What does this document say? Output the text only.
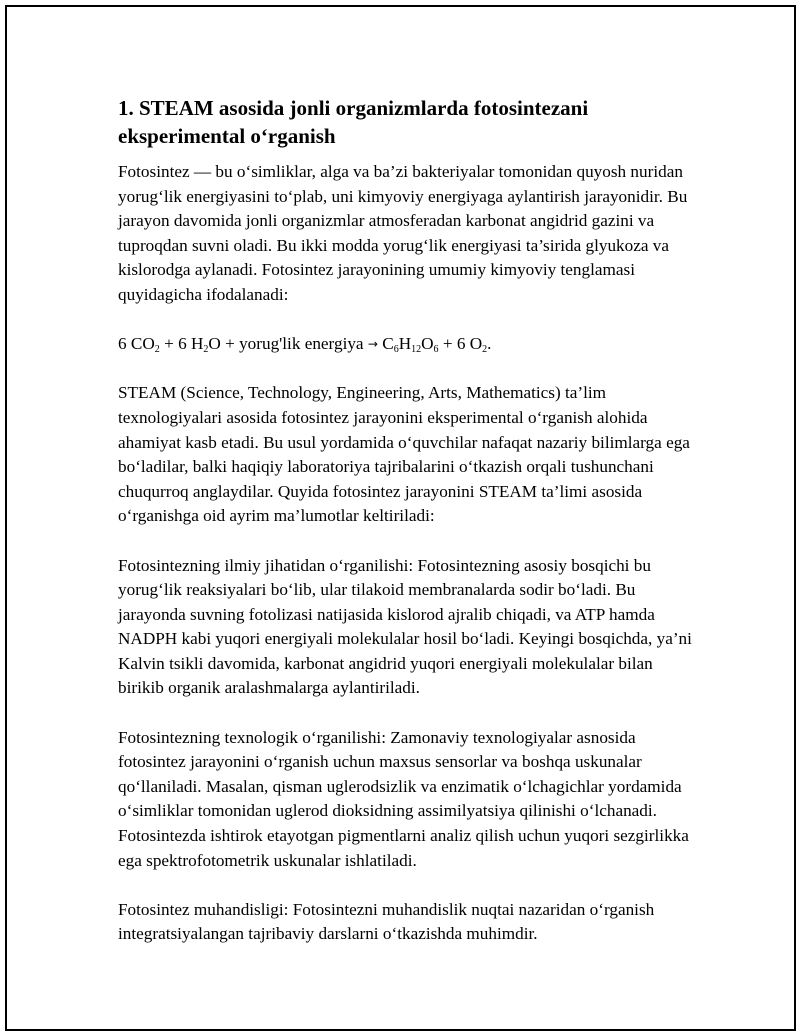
1. STEAM asosida jonli organizmlarda fotosintezani eksperimental o‘rganish

Fotosintez — bu o‘simliklar, alga va ba’zi bakteriyalar tomonidan quyosh nuridan yorug‘lik energiyasini to‘plab, uni kimyoviy energiyaga aylantirish jarayonidir. Bu jarayon davomida jonli organizmlar atmosferadan karbonat angidrid gazini va tuproqdan suvni oladi. Bu ikki modda yorug‘lik energiyasi ta’sirida glyukoza va kislorodga aylanadi. Fotosintez jarayonining umumiy kimyoviy tenglamasi quyidagicha ifodalanadi:

6 $CO_2 + 6$ $H_2O$ + yorug'lik energiya → $C_6H_{12}O_6 + 6$ $O_2$.

STEAM (Science, Technology, Engineering, Arts, Mathematics) ta’lim texnologiyalari asosida fotosintez jarayonini eksperimental o‘rganish alohida ahamiyat kasb etadi. Bu usul yordamida o‘quvchilar nafaqat nazariy bilimlarga ega bo‘ladilar, balki haqiqiy laboratoriya tajribalarini o‘tkazish orqali tushunchani chuqurroq anglaydilar. Quyida fotosintez jarayonini STEAM ta’limi asosida o‘rganishga oid ayrim ma’lumotlar keltiriladi:

Fotosintezning ilmiy jihatidan o‘rganilishi: Fotosintezning asosiy bosqichi bu yorug‘lik reaksiyalari bo‘lib, ular tilakoid membranalarda sodir bo‘ladi. Bu jarayonda suvning fotolizasi natijasida kislorod ajralib chiqadi, va ATP hamda NADPH kabi yuqori energiyali molekulalar hosil bo‘ladi. Keyingi bosqichda, ya’ni Kalvin tsikli davomida, karbonat angidrid yuqori energiyali molekulalar bilan birikib organik aralashmalarga aylantiriladi.

Fotosintezning texnologik o‘rganilishi: Zamonaviy texnologiyalar asnosida fotosintez jarayonini o‘rganish uchun maxsus sensorlar va boshqa uskunalar qo‘llaniladi. Masalan, qisman uglerodsizlik va enzimatik o‘lchagichlar yordamida o‘simliklar tomonidan uglerod dioksidning assimilyatsiya qilinishi o‘lchanadi. Fotosintezda ishtirok etayotgan pigmentlarni analiz qilish uchun yuqori sezgirlikka ega spektrofotometrik uskunalar ishlatiladi.

Fotosintez muhandisligi: Fotosintezni muhandislik nuqtai nazaridan o‘rganish integratsiyalangan tajribaviy darslarni o‘tkazishda muhimdir.
